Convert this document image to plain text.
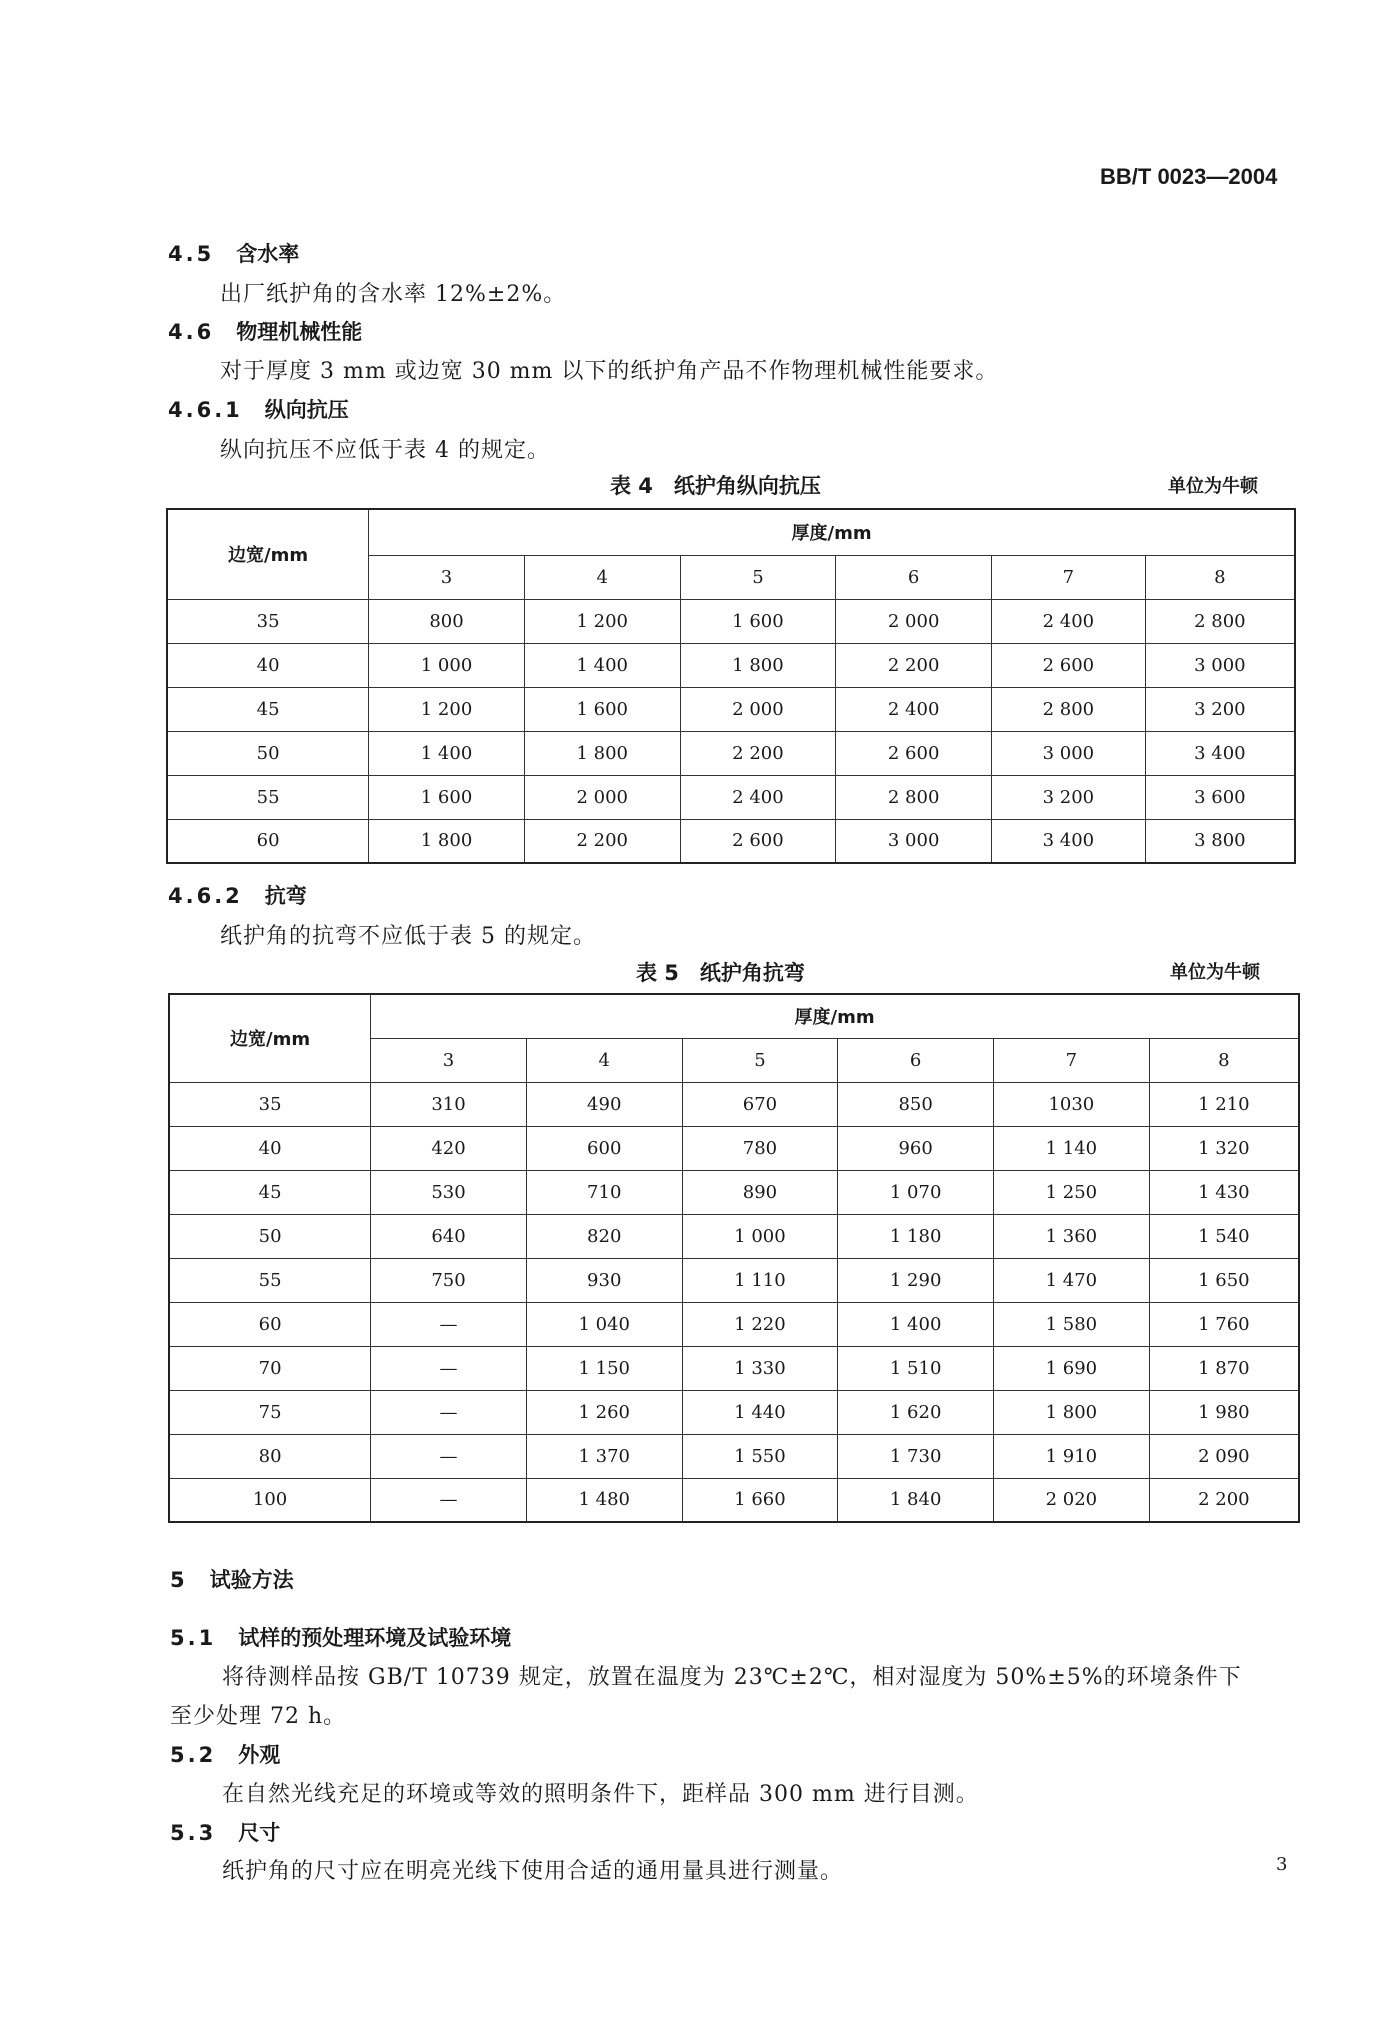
BB/T 0023—2004
4.5 含水率
出厂纸护角的含水率 12%±2%。
4.6 物理机械性能
对于厚度 3 mm 或边宽 30 mm 以下的纸护角产品不作物理机械性能要求。
4.6.1 纵向抗压
纵向抗压不应低于表 4 的规定。
表 4　纸护角纵向抗压	单位为牛顿
边宽/mm	厚度/mm					
	3	4	5	6	7	8
35	800	1 200	1 600	2 000	2 400	2 800
40	1 000	1 400	1 800	2 200	2 600	3 000
45	1 200	1 600	2 000	2 400	2 800	3 200
50	1 400	1 800	2 200	2 600	3 000	3 400
55	1 600	2 000	2 400	2 800	3 200	3 600
60	1 800	2 200	2 600	3 000	3 400	3 800
4.6.2 抗弯
纸护角的抗弯不应低于表 5 的规定。
表 5　纸护角抗弯	单位为牛顿
边宽/mm	厚度/mm					
	3	4	5	6	7	8
35	310	490	670	850	1030	1 210
40	420	600	780	960	1 140	1 320
45	530	710	890	1 070	1 250	1 430
50	640	820	1 000	1 180	1 360	1 540
55	750	930	1 110	1 290	1 470	1 650
60	—	1 040	1 220	1 400	1 580	1 760
70	—	1 150	1 330	1 510	1 690	1 870
75	—	1 260	1 440	1 620	1 800	1 980
80	—	1 370	1 550	1 730	1 910	2 090
100	—	1 480	1 660	1 840	2 020	2 200
5 试验方法
5.1 试样的预处理环境及试验环境
将待测样品按 GB/T 10739 规定，放置在温度为 23℃±2℃，相对湿度为 50%±5%的环境条件下
至少处理 72 h。
5.2 外观
在自然光线充足的环境或等效的照明条件下，距样品 300 mm 进行目测。
5.3 尺寸
纸护角的尺寸应在明亮光线下使用合适的通用量具进行测量。	3
